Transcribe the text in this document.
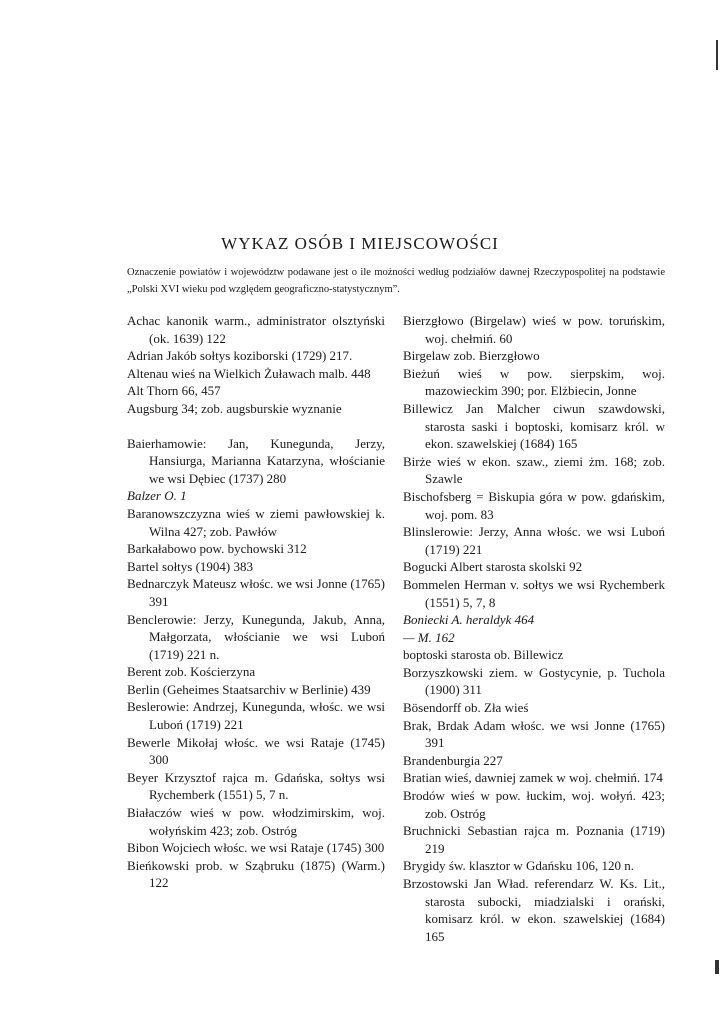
WYKAZ OSÓB I MIEJSCOWOŚCI
Oznaczenie powiatów i województw podawane jest o ile możności według podziałów dawnej Rzeczypospolitej na podstawie „Polski XVI wieku pod względem geograficzno-statystycznym”.
Achac kanonik warm., administrator olsztyński (ok. 1639) 122
Adrian Jakób sołtys koziborski (1729) 217.
Altenau wieś na Wielkich Żuławach malb. 448
Alt Thorn 66, 457
Augsburg 34; zob. augsburskie wyznanie
Baierhamowie: Jan, Kunegunda, Jerzy, Hansiurga, Marianna Katarzyna, włościanie we wsi Dębiec (1737) 280
Balzer O. 1
Baranowszczyzna wieś w ziemi pawłowskiej k. Wilna 427; zob. Pawłów
Barkałabowo pow. bychowski 312
Bartel sołtys (1904) 383
Bednarczyk Mateusz włośc. we wsi Jonne (1765) 391
Benclerowie: Jerzy, Kunegunda, Jakub, Anna, Małgorzata, włościanie we wsi Luboń (1719) 221 n.
Berent zob. Kościerzyna
Berlin (Geheimes Staatsarchiv w Berlinie) 439
Beslerowie: Andrzej, Kunegunda, włośc. we wsi Luboń (1719) 221
Bewerle Mikołaj włośc. we wsi Rataje (1745) 300
Beyer Krzysztof rajca m. Gdańska, sołtys wsi Rychemberk (1551) 5, 7 n.
Białaczów wieś w pow. włodzimirskim, woj. wołyńskim 423; zob. Ostróg
Bibon Wojciech włośc. we wsi Rataje (1745) 300
Bieńkowski prob. w Sząbruku (1875) (Warm.) 122
Bierzgłowo (Birgelaw) wieś w pow. toruńskim, woj. chełmiń. 60
Birgelaw zob. Bierzgłowo
Bieżuń wieś w pow. sierpskim, woj. mazowieckim 390; por. Elżbiecin, Jonne
Billewicz Jan Malcher ciwun szawdowski, starosta saski i boptoski, komisarz król. w ekon. szawelskiej (1684) 165
Birże wieś w ekon. szaw., ziemi żm. 168; zob. Szawle
Bischofsberg = Biskupia góra w pow. gdańskim, woj. pom. 83
Blinslerowie: Jerzy, Anna włośc. we wsi Luboń (1719) 221
Bogucki Albert starosta skolski 92
Bommelen Herman v. sołtys we wsi Rychemberk (1551) 5, 7, 8
Boniecki A. heraldyk 464
— M. 162
boptoski starosta ob. Billewicz
Borzyszkowski ziem. w Gostycynie, p. Tuchola (1900) 311
Bösendorff ob. Zła wieś
Brak, Brdak Adam włośc. we wsi Jonne (1765) 391
Brandenburgia 227
Bratian wieś, dawniej zamek w woj. chełmiń. 174
Brodów wieś w pow. łuckim, woj. wołyń. 423; zob. Ostróg
Bruchnicki Sebastian rajca m. Poznania (1719) 219
Brygidy św. klasztor w Gdańsku 106, 120 n.
Brzostowski Jan Wład. referendarz W. Ks. Lit., starosta subocki, miadzialski i orański, komisarz król. w ekon. szawelskiej (1684) 165
